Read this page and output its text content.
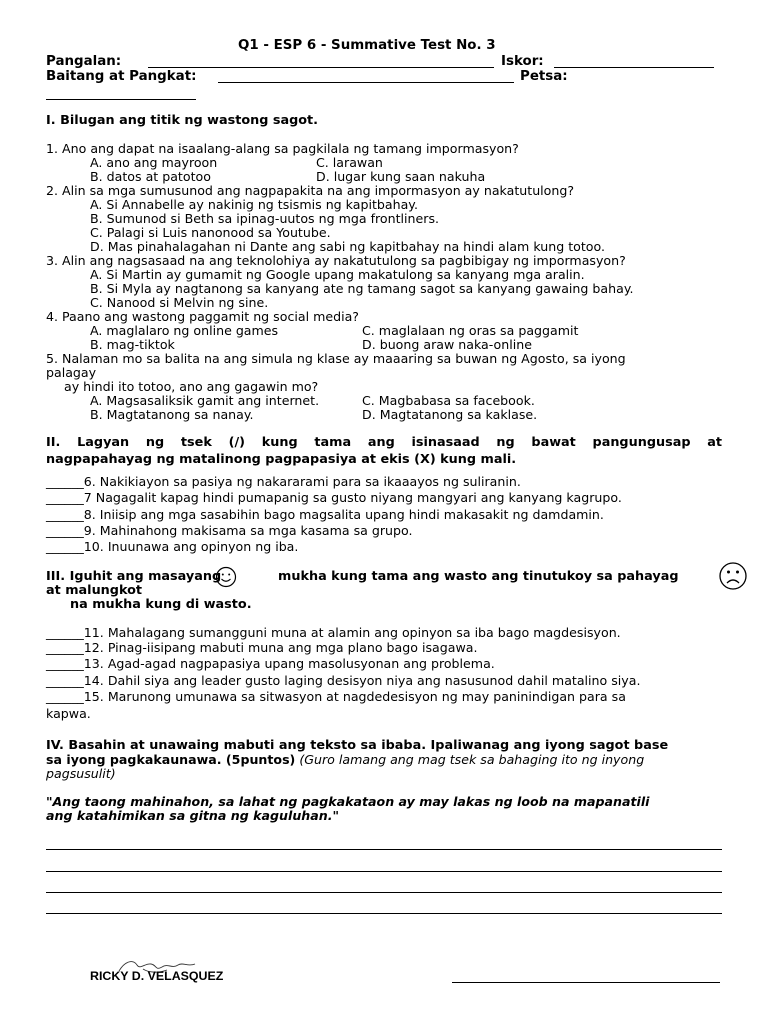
Q1 - ESP 6 - Summative Test No. 3
Pangalan:	Iskor:
Baitang at Pangkat:	Petsa:
I. Bilugan ang titik ng wastong sagot.
1. Ano ang dapat na isaalang-alang sa pagkilala ng tamang impormasyon?
A. ano ang mayroon	C. larawan
B. datos at patotoo	D. lugar kung saan nakuha
2. Alin sa mga sumusunod ang nagpapakita na ang impormasyon ay nakatutulong?
A. Si Annabelle ay nakinig ng tsismis ng kapitbahay.
B. Sumunod si Beth sa ipinag-uutos ng mga frontliners.
C. Palagi si Luis nanonood sa Youtube.
D. Mas pinahalagahan ni Dante ang sabi ng kapitbahay na hindi alam kung totoo.
3. Alin ang nagsasaad na ang teknolohiya ay nakatutulong sa pagbibigay ng impormasyon?
A. Si Martin ay gumamit ng Google upang makatulong sa kanyang mga aralin.
B. Si Myla ay nagtanong sa kanyang ate ng tamang sagot sa kanyang gawaing bahay.
C. Nanood si Melvin ng sine.
4. Paano ang wastong paggamit ng social media?
A. maglalaro ng online games	C. maglalaan ng oras sa paggamit
B. mag-tiktok	D. buong araw naka-online
5. Nalaman mo sa balita na ang simula ng klase ay maaaring sa buwan ng Agosto, sa iyong
palagay
ay hindi ito totoo, ano ang gagawin mo?
A. Magsasaliksik gamit ang internet.	C. Magbabasa sa facebook.
B. Magtatanong sa nanay.	D. Magtatanong sa kaklase.
II. Lagyan ng tsek (/) kung tama ang isinasaad ng bawat pangungusap at
nagpapahayag ng matalinong pagpapasiya at ekis (X) kung mali.
______6. Nakikiayon sa pasiya ng nakararami para sa ikaaayos ng suliranin.
______7 Nagagalit kapag hindi pumapanig sa gusto niyang mangyari ang kanyang kagrupo.
______8. Iniisip ang mga sasabihin bago magsalita upang hindi makasakit ng damdamin.
______9. Mahinahong makisama sa mga kasama sa grupo.
______10. Inuunawa ang opinyon ng iba.
III. Iguhit ang masayang	mukha kung tama ang wasto ang tinutukoy sa pahayag
at malungkot
na mukha kung di wasto.
______11. Mahalagang sumangguni muna at alamin ang opinyon sa iba bago magdesisyon.
______12. Pinag-iisipang mabuti muna ang mga plano bago isagawa.
______13. Agad-agad nagpapasiya upang masolusyonan ang problema.
______14. Dahil siya ang leader gusto laging desisyon niya ang nasusunod dahil matalino siya.
______15. Marunong umunawa sa sitwasyon at nagdedesisyon ng may paninindigan para sa
kapwa.
IV. Basahin at unawaing mabuti ang teksto sa ibaba. Ipaliwanag ang iyong sagot base
sa iyong pagkakaunawa. (5puntos) (Guro lamang ang mag tsek sa bahaging ito ng inyong
pagsusulit)
"Ang taong mahinahon, sa lahat ng pagkakataon ay may lakas ng loob na mapanatili
ang katahimikan sa gitna ng kaguluhan."
RICKY D. VELASQUEZ
